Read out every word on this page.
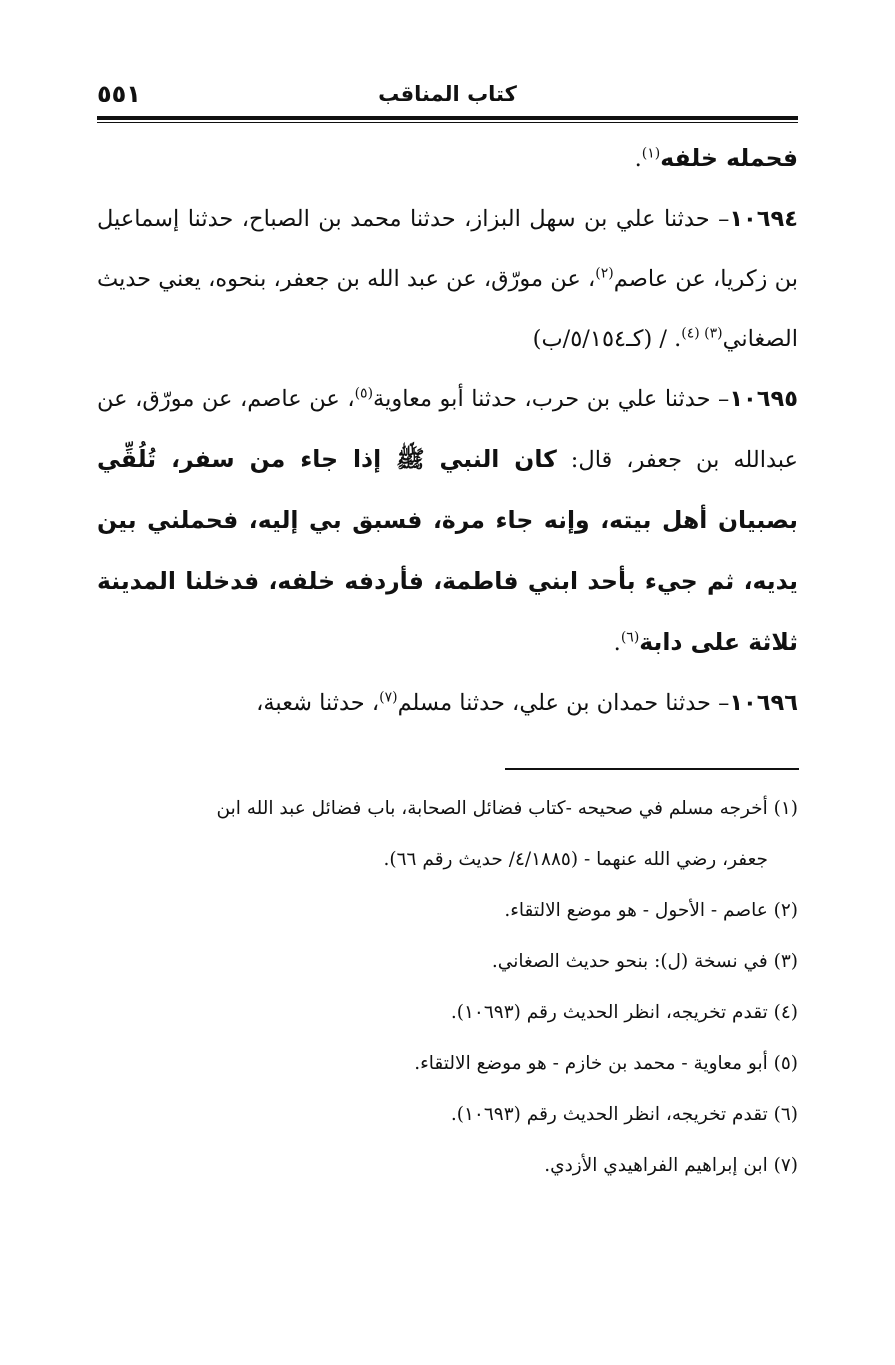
٥٥١	كتاب المناقب

فحمله خلفه$^{(١)}$.

١٠٦٩٤– حدثنا علي بن سهل البزاز، حدثنا محمد بن الصباح، حدثنا إسماعيل بن زكريا، عن عاصم$^{(٢)}$، عن مورّق، عن عبد الله بن جعفر، بنحوه، يعني حديث الصغاني$^{(٣) (٤)}$. / (كـ٥/١٥٤/ب)

١٠٦٩٥– حدثنا علي بن حرب، حدثنا أبو معاوية$^{(٥)}$، عن عاصم، عن مورّق، عن عبدالله بن جعفر، قال: كان النبي ﷺ إذا جاء من سفر، تُلُقِّي بصبيان أهل بيته، وإنه جاء مرة، فسبق بي إليه، فحملني بين يديه، ثم جيء بأحد ابني فاطمة، فأردفه خلفه، فدخلنا المدينة ثلاثة على دابة$^{(٦)}$.

١٠٦٩٦– حدثنا حمدان بن علي، حدثنا مسلم$^{(٧)}$، حدثنا شعبة،

(١) أخرجه مسلم في صحيحه -كتاب فضائل الصحابة، باب فضائل عبد الله ابن

جعفر، رضي الله عنهما - (٤/١٨٨٥/ حديث رقم ٦٦).

(٢) عاصم - الأحول - هو موضع الالتقاء.

(٣) في نسخة (ل): بنحو حديث الصغاني.

(٤) تقدم تخريجه، انظر الحديث رقم (١٠٦٩٣).

(٥) أبو معاوية - محمد بن خازم - هو موضع الالتقاء.

(٦) تقدم تخريجه، انظر الحديث رقم (١٠٦٩٣).

(٧) ابن إبراهيم الفراهيدي الأزدي.
